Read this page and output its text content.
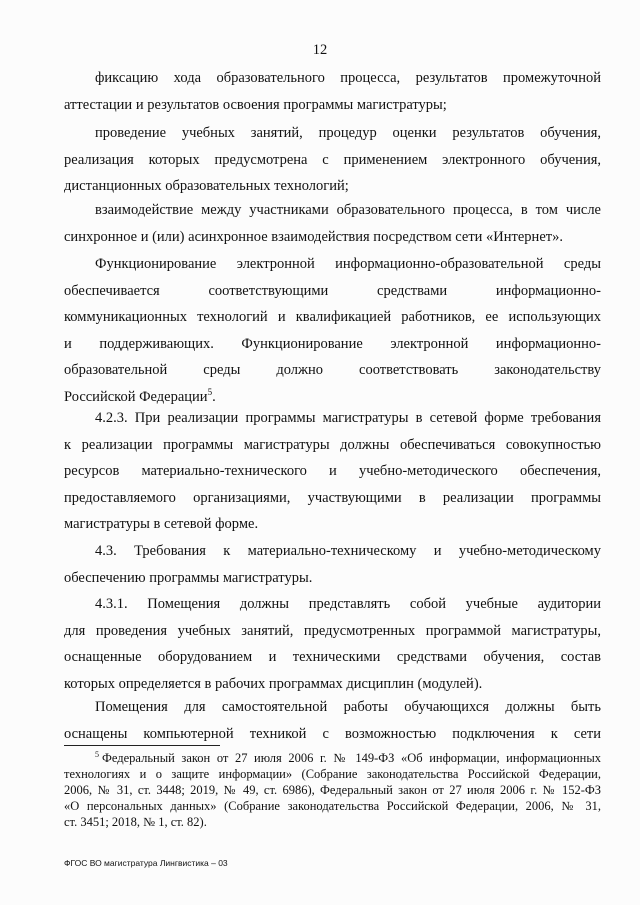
12
фиксацию хода образовательного процесса, результатов промежуточной
аттестации и результатов освоения программы магистратуры;
проведение учебных занятий, процедур оценки результатов обучения,
реализация которых предусмотрена с применением электронного обучения,
дистанционных образовательных технологий;
взаимодействие между участниками образовательного процесса, в том числе
синхронное и (или) асинхронное взаимодействия посредством сети «Интернет».
Функционирование электронной информационно-образовательной среды
обеспечивается соответствующими средствами информационно-
коммуникационных технологий и квалификацией работников, ее использующих
и поддерживающих. Функционирование электронной информационно-
образовательной среды должно соответствовать законодательству
Российской Федерации$^5$.
4.2.3. При реализации программы магистратуры в сетевой форме требования
к реализации программы магистратуры должны обеспечиваться совокупностью
ресурсов материально-технического и учебно-методического обеспечения,
предоставляемого организациями, участвующими в реализации программы
магистратуры в сетевой форме.
4.3. Требования к материально-техническому и учебно-методическому
обеспечению программы магистратуры.
4.3.1. Помещения должны представлять собой учебные аудитории
для проведения учебных занятий, предусмотренных программой магистратуры,
оснащенные оборудованием и техническими средствами обучения, состав
которых определяется в рабочих программах дисциплин (модулей).
Помещения для самостоятельной работы обучающихся должны быть
оснащены компьютерной техникой с возможностью подключения к сети
$^5$ Федеральный закон от 27 июля 2006 г. № 149-ФЗ «Об информации, информационных
технологиях и о защите информации» (Собрание законодательства Российской Федерации,
2006, № 31, ст. 3448; 2019, № 49, ст. 6986), Федеральный закон от 27 июля 2006 г. № 152-ФЗ
«О персональных данных» (Собрание законодательства Российской Федерации, 2006, № 31,
ст. 3451; 2018, № 1, ст. 82).
ФГОС ВО магистратура Лингвистика – 03
